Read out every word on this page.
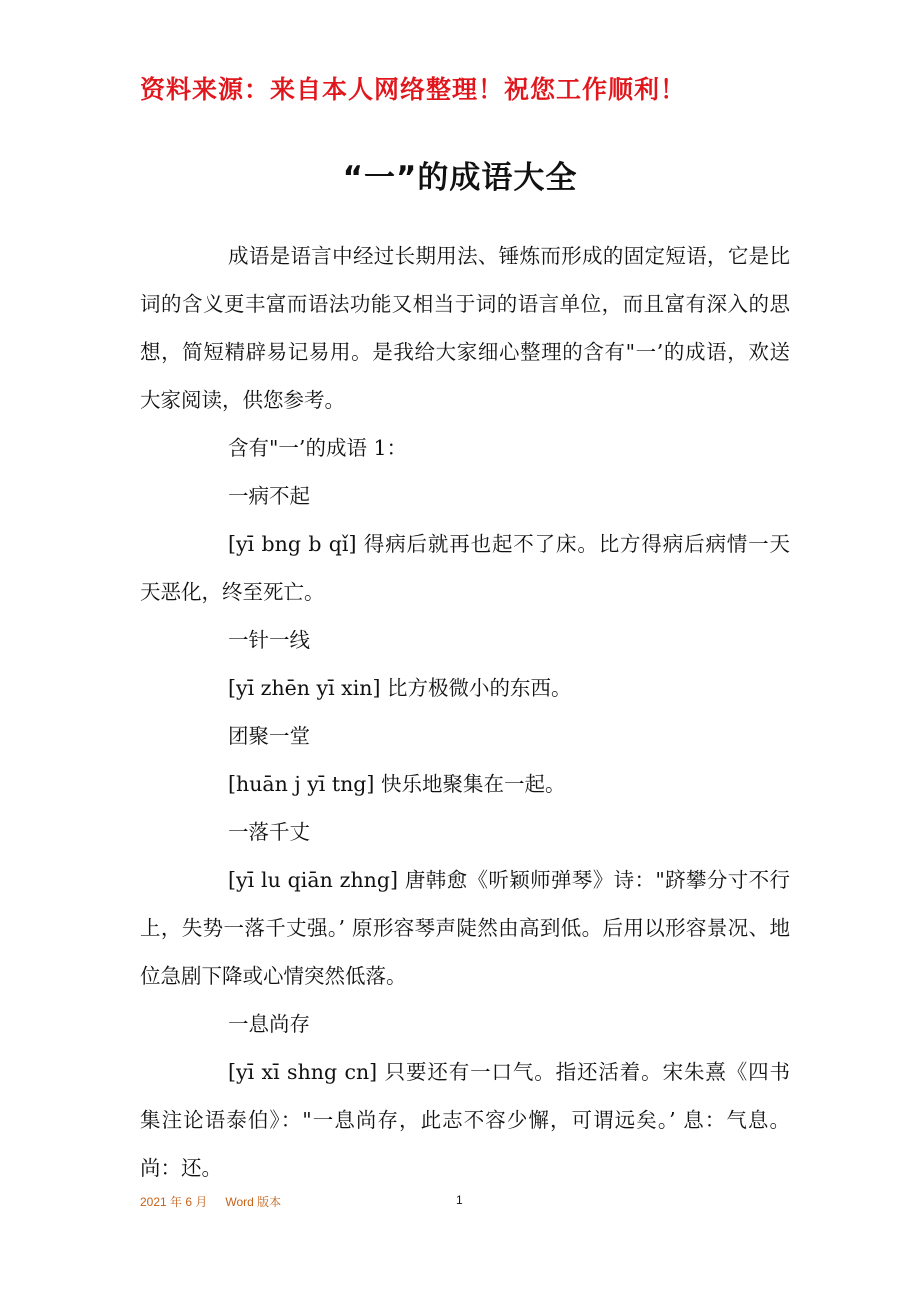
资料来源：来自本人网络整理！祝您工作顺利！
“一”的成语大全

成语是语言中经过长期用法、锤炼而形成的固定短语，它是比词的含义更丰富而语法功能又相当于词的语言单位，而且富有深入的思想，简短精辟易记易用。是我给大家细心整理的含有"一’的成语，欢送大家阅读，供您参考。

含有"一’的成语 1：

一病不起

[yī bng b qǐ] 得病后就再也起不了床。比方得病后病情一天天恶化，终至死亡。

一针一线

[yī zhēn yī xin] 比方极微小的东西。

团聚一堂

[huān j yī tng] 快乐地聚集在一起。

一落千丈

[yī lu qiān zhng] 唐韩愈《听颖师弹琴》诗："跻攀分寸不行上，失势一落千丈强。’ 原形容琴声陡然由高到低。后用以形容景况、地位急剧下降或心情突然低落。

一息尚存

[yī xī shng cn] 只要还有一口气。指还活着。宋朱熹《四书集注论语泰伯》："一息尚存，此志不容少懈，可谓远矣。’ 息：气息。尚：还。

2021 年 6 月 Word 版本	1
